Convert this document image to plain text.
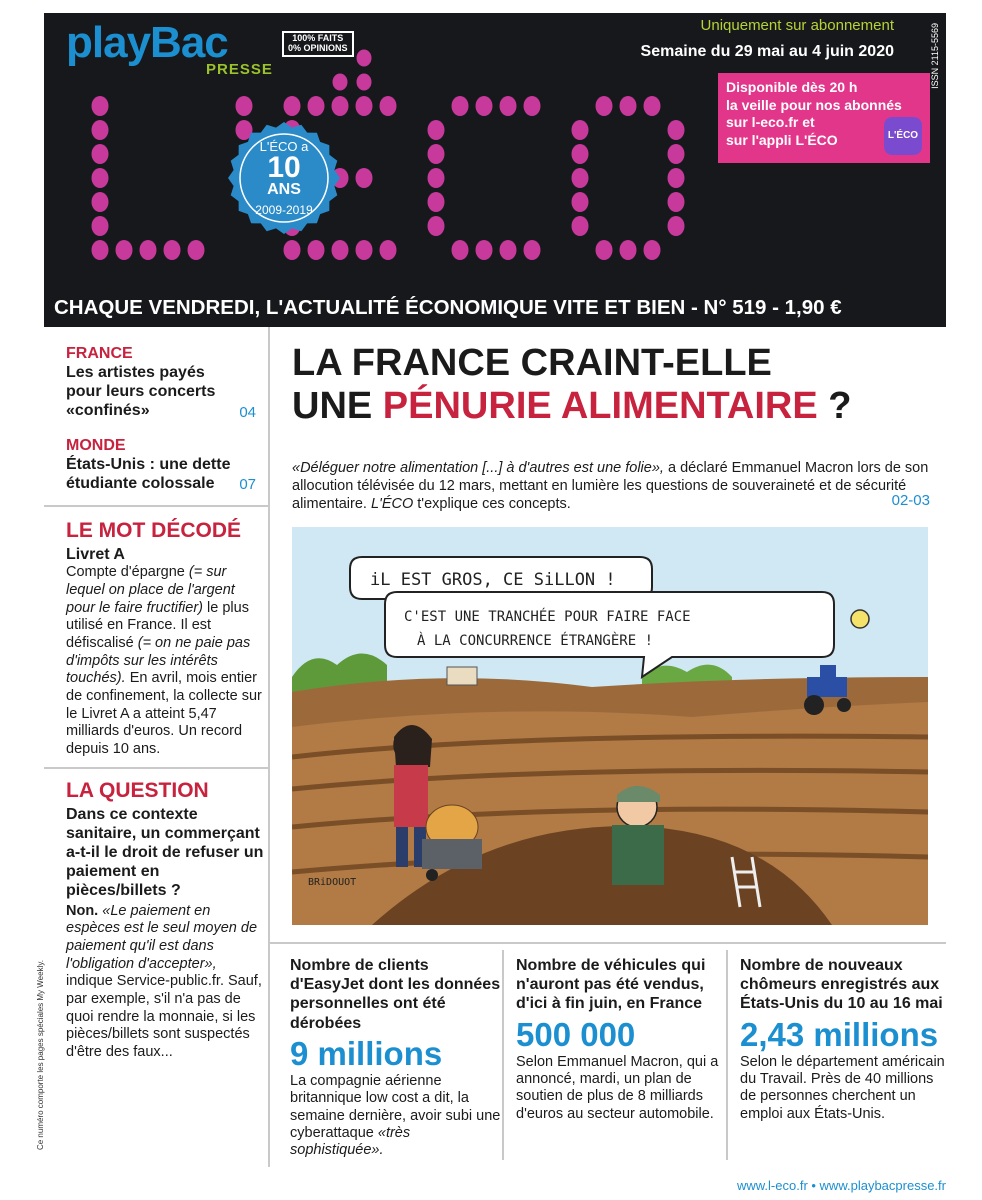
playBac
PRESSE
100% FAITS
0% OPINIONS
Uniquement sur abonnement
Semaine du 29 mai au 4 juin 2020	ISSN 2115-5569
Disponible dès 20 h
la veille pour nos abonnés
sur l-eco.fr et
sur l'appli L'ÉCO	L'ÉCO
L'ÉCO a
10
ANS
2009-2019
CHAQUE VENDREDI, L'ACTUALITÉ ÉCONOMIQUE VITE ET BIEN - N° 519 - 1,90 €
FRANCE
Les artistes payés pour leurs concerts «confinés»	04
MONDE
États-Unis : une dette étudiante colossale	07
LE MOT DÉCODÉ
Livret A
Compte d'épargne (= sur lequel on place de l'argent pour le faire fructifier) le plus utilisé en France. Il est défiscalisé (= on ne paie pas d'impôts sur les intérêts touchés). En avril, mois entier de confinement, la collecte sur le Livret A a atteint 5,47 milliards d'euros. Un record depuis 10 ans.
LA QUESTION
Dans ce contexte sanitaire, un commerçant a-t-il le droit de refuser un paiement en pièces/billets ?
Non. «Le paiement en espèces est le seul moyen de paiement qu'il est dans l'obligation d'accepter», indique Service-public.fr. Sauf, par exemple, s'il n'a pas de quoi rendre la monnaie, si les pièces/billets sont suspectés d'être des faux...
Ce numéro comporte les pages spéciales My Weekly.
LA FRANCE CRAINT-ELLE
UNE PÉNURIE ALIMENTAIRE ?
«Déléguer notre alimentation [...] à d'autres est une folie», a déclaré Emmanuel Macron lors de son allocution télévisée du 12 mars, mettant en lumière les questions de souveraineté et de sécurité alimentaire. L'ÉCO t'explique ces concepts.	02-03
iL EST GROS, CE SiLLON !
C'EST UNE TRANCHÉE POUR FAIRE FACE
À LA CONCURRENCE ÉTRANGÈRE !
BRiDOUOT
Nombre de clients d'EasyJet dont les données personnelles ont été dérobées
9 millions
La compagnie aérienne britannique low cost a dit, la semaine dernière, avoir subi une cyberattaque «très sophistiquée».
Nombre de véhicules qui n'auront pas été vendus, d'ici à fin juin, en France
500 000
Selon Emmanuel Macron, qui a annoncé, mardi, un plan de soutien de plus de 8 milliards d'euros au secteur automobile.
Nombre de nouveaux chômeurs enregistrés aux États-Unis du 10 au 16 mai
2,43 millions
Selon le département américain du Travail. Près de 40 millions de personnes cherchent un emploi aux États-Unis.
www.l-eco.fr • www.playbacpresse.fr
